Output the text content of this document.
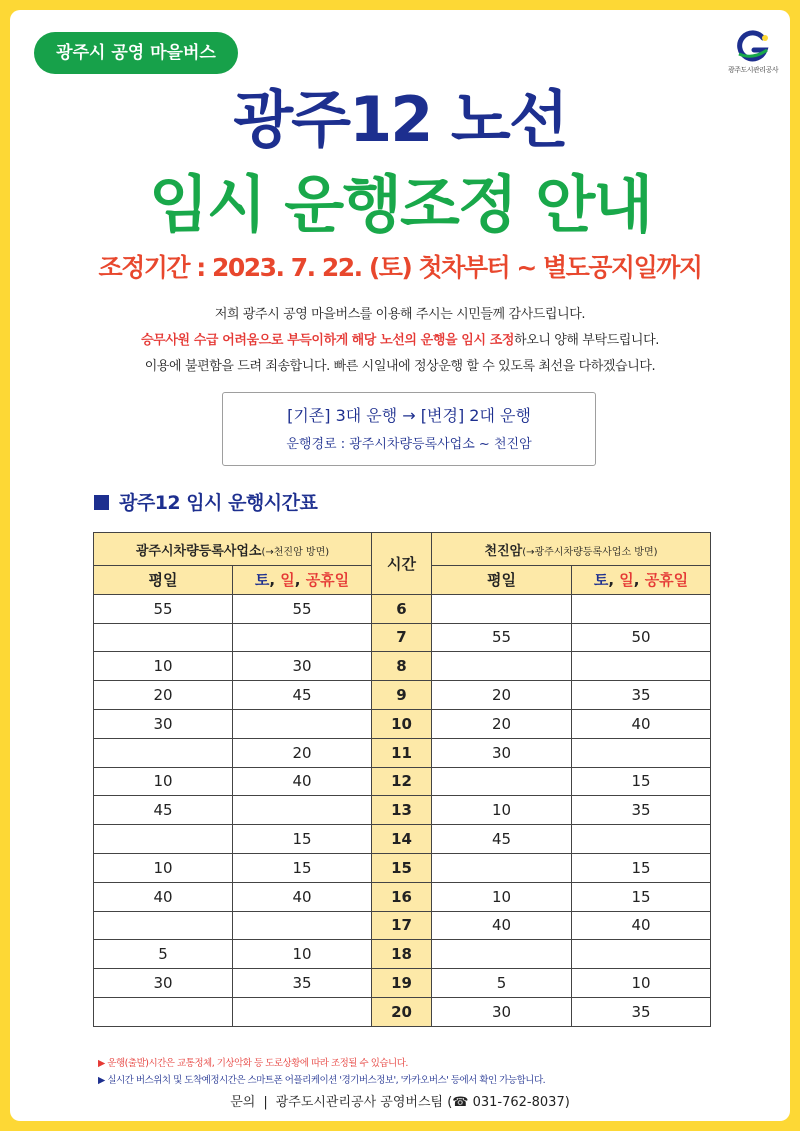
광주시 공영 마을버스
광주도시관리공사
광주12 노선
임시 운행조정 안내
조정기간 : 2023. 7. 22. (토) 첫차부터 ~ 별도공지일까지
저희 광주시 공영 마을버스를 이용해 주시는 시민들께 감사드립니다.
승무사원 수급 어려움으로 부득이하게 해당 노선의 운행을 임시 조정하오니 양해 부탁드립니다.
이용에 불편함을 드려 죄송합니다. 빠른 시일내에 정상운행 할 수 있도록 최선을 다하겠습니다.
[기존] 3대 운행 → [변경] 2대 운행
운행경로 : 광주시차량등록사업소 ~ 천진암
광주12 임시 운행시간표
광주시차량등록사업소(→천진암 방면)		시간	천진암(→광주시차량등록사업소 방면)	
평일	토, 일, 공휴일		평일	토, 일, 공휴일
55	55	6		
		7	55	50
10	30	8		
20	45	9	20	35
30		10	20	40
	20	11	30	
10	40	12		15
45		13	10	35
	15	14	45	
10	15	15		15
40	40	16	10	15
		17	40	40
5	10	18		
30	35	19	5	10
		20	30	35
▶ 운행(출발)시간은 교통정체, 기상악화 등 도로상황에 따라 조정될 수 있습니다.
▶ 실시간 버스위치 및 도착예정시간은 스마트폰 어플리케이션 '경기버스정보', '카카오버스' 등에서 확인 가능합니다.
문의 | 광주도시관리공사 공영버스팀 (☎ 031-762-8037)
